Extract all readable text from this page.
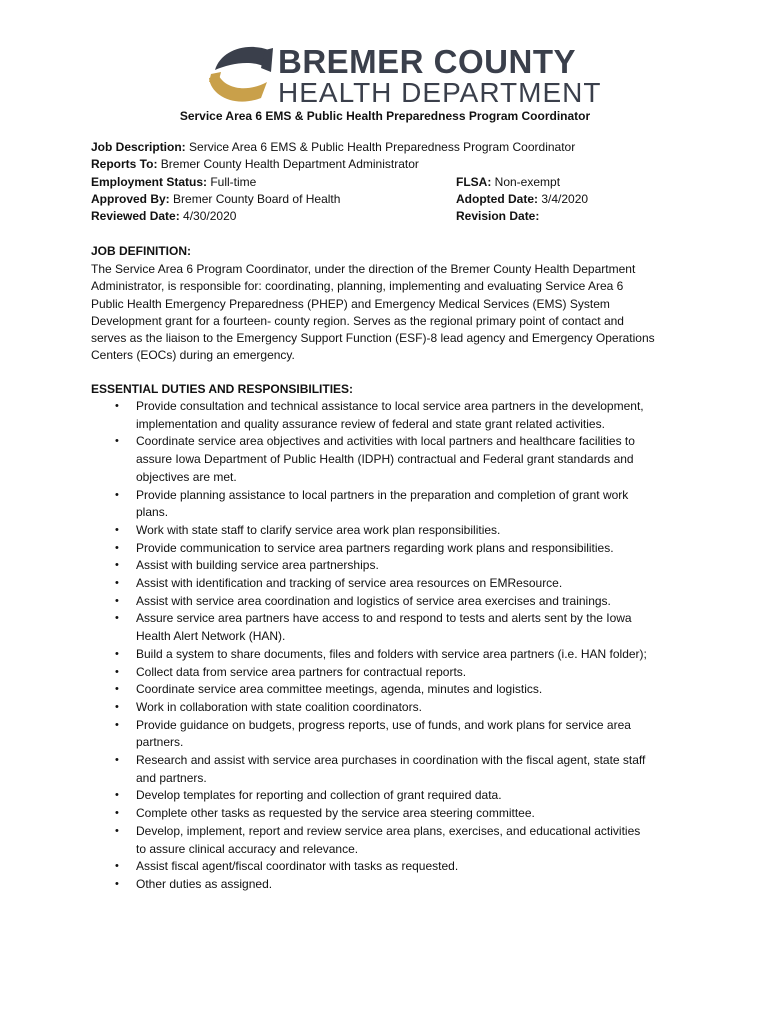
BREMER COUNTY
HEALTH DEPARTMENT
Service Area 6 EMS & Public Health Preparedness Program Coordinator
Job Description: Service Area 6 EMS & Public Health Preparedness Program Coordinator
Reports To: Bremer County Health Department Administrator
Employment Status: Full-time	FLSA: Non-exempt
Approved By: Bremer County Board of Health	Adopted Date: 3/4/2020
Reviewed Date: 4/30/2020	Revision Date:
JOB DEFINITION:
The Service Area 6 Program Coordinator, under the direction of the Bremer County Health Department
Administrator, is responsible for: coordinating, planning, implementing and evaluating Service Area 6
Public Health Emergency Preparedness (PHEP) and Emergency Medical Services (EMS) System
Development grant for a fourteen- county region. Serves as the regional primary point of contact and
serves as the liaison to the Emergency Support Function (ESF)-8 lead agency and Emergency Operations
Centers (EOCs) during an emergency.
ESSENTIAL DUTIES AND RESPONSIBILITIES:
• Provide consultation and technical assistance to local service area partners in the development,
implementation and quality assurance review of federal and state grant related activities.
• Coordinate service area objectives and activities with local partners and healthcare facilities to
assure Iowa Department of Public Health (IDPH) contractual and Federal grant standards and
objectives are met.
• Provide planning assistance to local partners in the preparation and completion of grant work
plans.
• Work with state staff to clarify service area work plan responsibilities.
• Provide communication to service area partners regarding work plans and responsibilities.
• Assist with building service area partnerships.
• Assist with identification and tracking of service area resources on EMResource.
• Assist with service area coordination and logistics of service area exercises and trainings.
• Assure service area partners have access to and respond to tests and alerts sent by the Iowa
Health Alert Network (HAN).
• Build a system to share documents, files and folders with service area partners (i.e. HAN folder);
• Collect data from service area partners for contractual reports.
• Coordinate service area committee meetings, agenda, minutes and logistics.
• Work in collaboration with state coalition coordinators.
• Provide guidance on budgets, progress reports, use of funds, and work plans for service area
partners.
• Research and assist with service area purchases in coordination with the fiscal agent, state staff
and partners.
• Develop templates for reporting and collection of grant required data.
• Complete other tasks as requested by the service area steering committee.
• Develop, implement, report and review service area plans, exercises, and educational activities
to assure clinical accuracy and relevance.
• Assist fiscal agent/fiscal coordinator with tasks as requested.
• Other duties as assigned.
